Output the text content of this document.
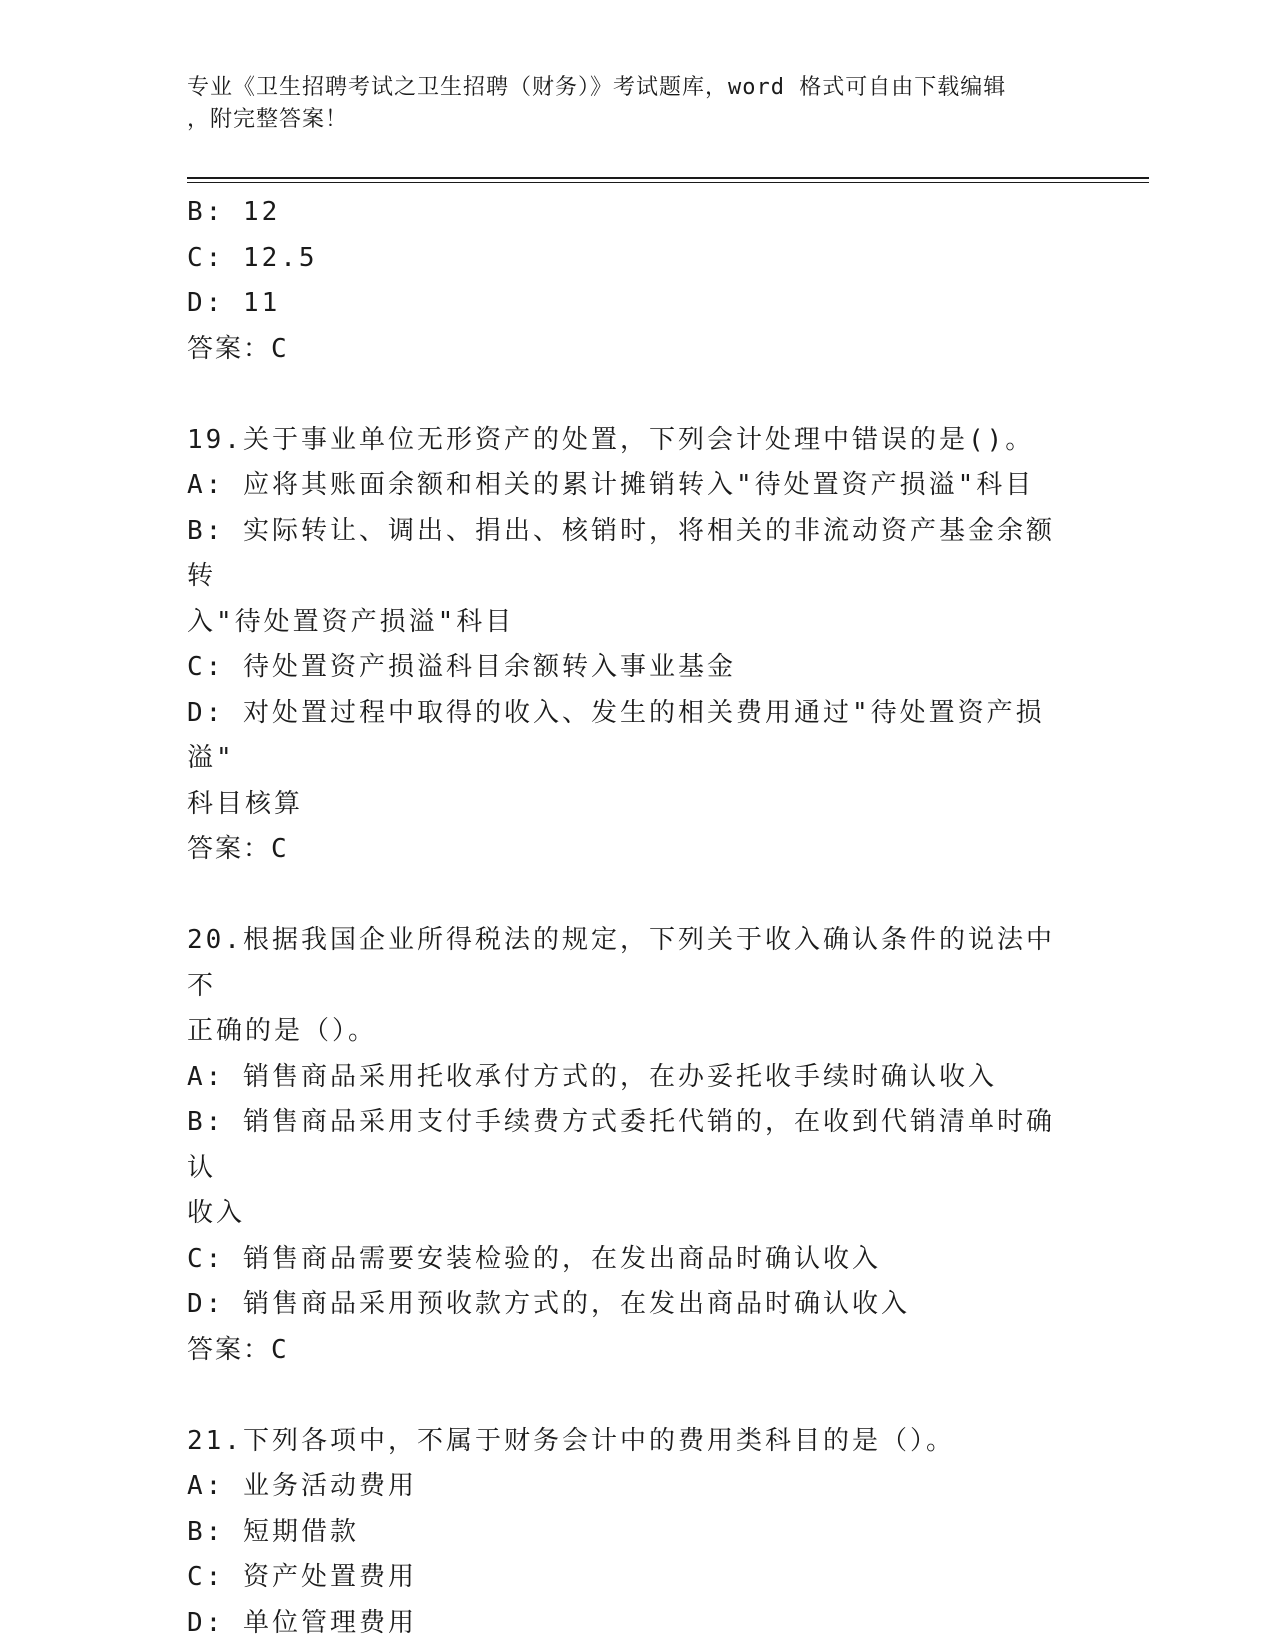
专业《卫生招聘考试之卫生招聘（财务）》考试题库，word 格式可自由下载编辑
，附完整答案！
B: 12
C: 12.5
D: 11
答案：C
19.关于事业单位无形资产的处置，下列会计处理中错误的是()。
A: 应将其账面余额和相关的累计摊销转入"待处置资产损溢"科目
B: 实际转让、调出、捐出、核销时，将相关的非流动资产基金余额转
入"待处置资产损溢"科目
C: 待处置资产损溢科目余额转入事业基金
D: 对处置过程中取得的收入、发生的相关费用通过"待处置资产损溢"
科目核算
答案：C
20.根据我国企业所得税法的规定，下列关于收入确认条件的说法中不
正确的是（）。
A: 销售商品采用托收承付方式的，在办妥托收手续时确认收入
B: 销售商品采用支付手续费方式委托代销的，在收到代销清单时确认
收入
C: 销售商品需要安装检验的，在发出商品时确认收入
D: 销售商品采用预收款方式的，在发出商品时确认收入
答案：C
21.下列各项中，不属于财务会计中的费用类科目的是（）。
A: 业务活动费用
B: 短期借款
C: 资产处置费用
D: 单位管理费用
